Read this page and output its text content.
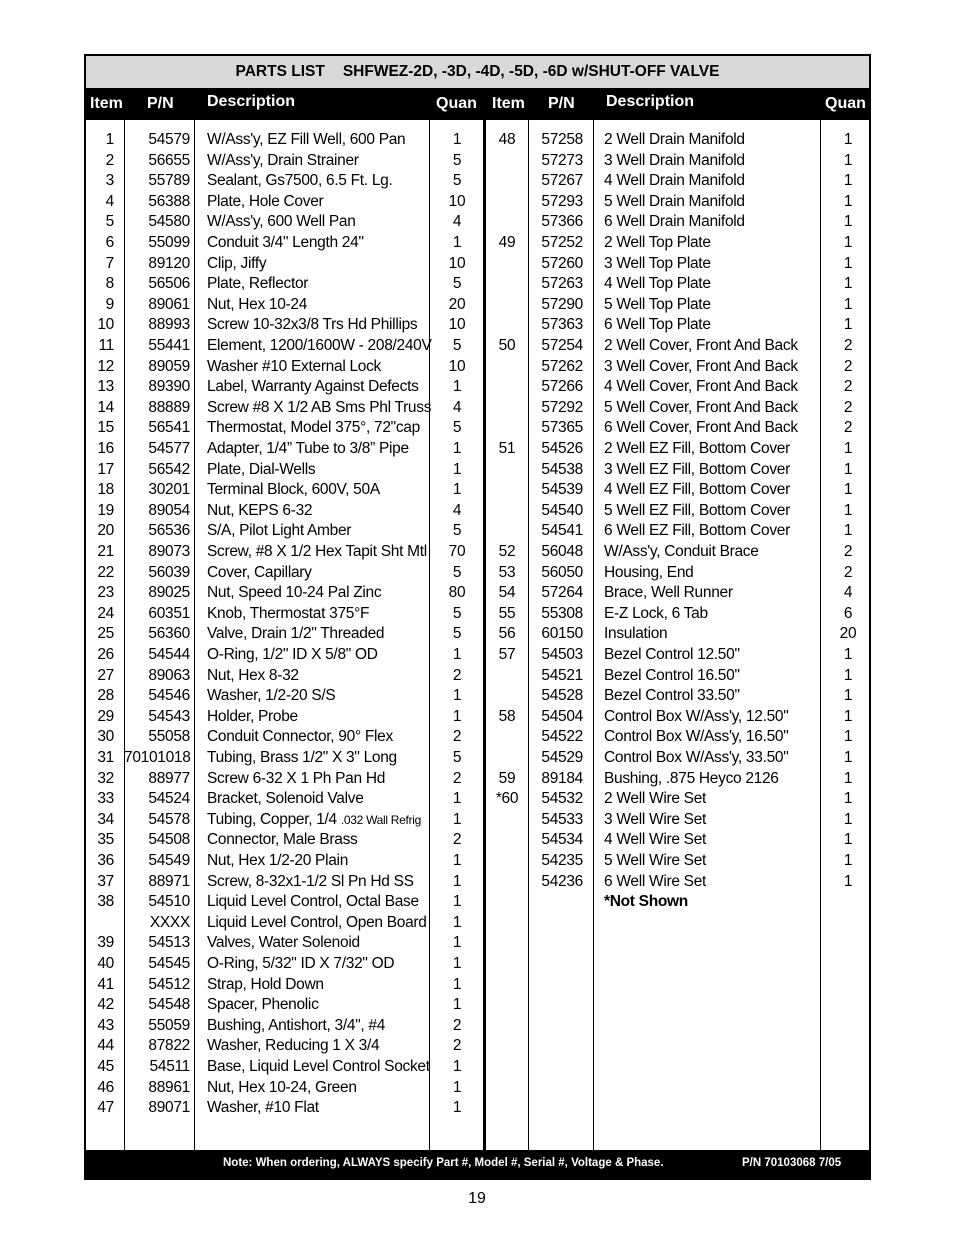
PARTS LIST SHFWEZ-2D, -3D, -4D, -5D, -6D w/SHUT-OFF VALVE
Item P/N Description	Quan Item P/N Description	Quan
1	54579 W/Ass'y, EZ Fill Well, 600 Pan	1
2	56655 W/Ass'y, Drain Strainer	5
3	55789 Sealant, Gs7500, 6.5 Ft. Lg.	5
4	56388 Plate, Hole Cover	10
5	54580 W/Ass'y, 600 Well Pan	4
6	55099 Conduit 3/4" Length 24"	1
7	89120 Clip, Jiffy	10
8	56506 Plate, Reflector	5
9	89061 Nut, Hex 10-24	20
10	88993 Screw 10-32x3/8 Trs Hd Phillips	10
11	55441 Element, 1200/1600W - 208/240V	5
12	89059 Washer #10 External Lock	10
13	89390 Label, Warranty Against Defects	1
14	88889 Screw #8 X 1/2 AB Sms Phl Truss	4
15	56541 Thermostat, Model 375°, 72"cap	5
16	54577 Adapter, 1/4” Tube to 3/8” Pipe	1
17	56542 Plate, Dial-Wells	1
18	30201 Terminal Block, 600V, 50A	1
19	89054 Nut, KEPS 6-32	4
20	56536 S/A, Pilot Light Amber	5
21	89073 Screw, #8 X 1/2 Hex Tapit Sht Mtl	70
22	56039 Cover, Capillary	5
23	89025 Nut, Speed 10-24 Pal Zinc	80
24	60351 Knob, Thermostat 375°F	5
25	56360 Valve, Drain 1/2" Threaded	5
26	54544 O-Ring, 1/2" ID X 5/8" OD	1
27	89063 Nut, Hex 8-32	2
28	54546 Washer, 1/2-20 S/S	1
29	54543 Holder, Probe	1
30	55058 Conduit Connector, 90° Flex	2
31 70101018 Tubing, Brass 1/2" X 3" Long	5
32	88977 Screw 6-32 X 1 Ph Pan Hd	2
33	54524 Bracket, Solenoid Valve	1
34	54578 Tubing, Copper, 1/4 .032 Wall Refrig	1
35	54508 Connector, Male Brass	2
36	54549 Nut, Hex 1/2-20 Plain	1
37	88971 Screw, 8-32x1-1/2 Sl Pn Hd SS	1
38	54510 Liquid Level Control, Octal Base	1
XXXX Liquid Level Control, Open Board	1
39	54513 Valves, Water Solenoid	1
40	54545 O-Ring, 5/32" ID X 7/32" OD	1
41	54512 Strap, Hold Down	1
42	54548 Spacer, Phenolic	1
43	55059 Bushing, Antishort, 3/4", #4	2
44	87822 Washer, Reducing 1 X 3/4	2
45	54511 Base, Liquid Level Control Socket	1
46	88961 Nut, Hex 10-24, Green	1
47	89071 Washer, #10 Flat	1
48	57258 2 Well Drain Manifold	1
57273 3 Well Drain Manifold	1
57267 4 Well Drain Manifold	1
57293 5 Well Drain Manifold	1
57366 6 Well Drain Manifold	1
49	57252 2 Well Top Plate	1
57260 3 Well Top Plate	1
57263 4 Well Top Plate	1
57290 5 Well Top Plate	1
57363 6 Well Top Plate	1
50	57254 2 Well Cover, Front And Back	2
57262 3 Well Cover, Front And Back	2
57266 4 Well Cover, Front And Back	2
57292 5 Well Cover, Front And Back	2
57365 6 Well Cover, Front And Back	2
51	54526 2 Well EZ Fill, Bottom Cover	1
54538 3 Well EZ Fill, Bottom Cover	1
54539 4 Well EZ Fill, Bottom Cover	1
54540 5 Well EZ Fill, Bottom Cover	1
54541 6 Well EZ Fill, Bottom Cover	1
52	56048 W/Ass'y, Conduit Brace	2
53	56050 Housing, End	2
54	57264 Brace, Well Runner	4
55	55308 E-Z Lock, 6 Tab	6
56	60150 Insulation	20
57	54503 Bezel Control 12.50"	1
54521 Bezel Control 16.50"	1
54528 Bezel Control 33.50"	1
58	54504 Control Box W/Ass'y, 12.50"	1
54522 Control Box W/Ass'y, 16.50"	1
54529 Control Box W/Ass'y, 33.50"	1
59	89184 Bushing, .875 Heyco 2126	1
*60	54532 2 Well Wire Set	1
54533 3 Well Wire Set	1
54534 4 Well Wire Set	1
54235 5 Well Wire Set	1
54236 6 Well Wire Set	1
*Not Shown
Note: When ordering, ALWAYS specify Part #, Model #, Serial #, Voltage & Phase.	P/N 70103068 7/05
19
